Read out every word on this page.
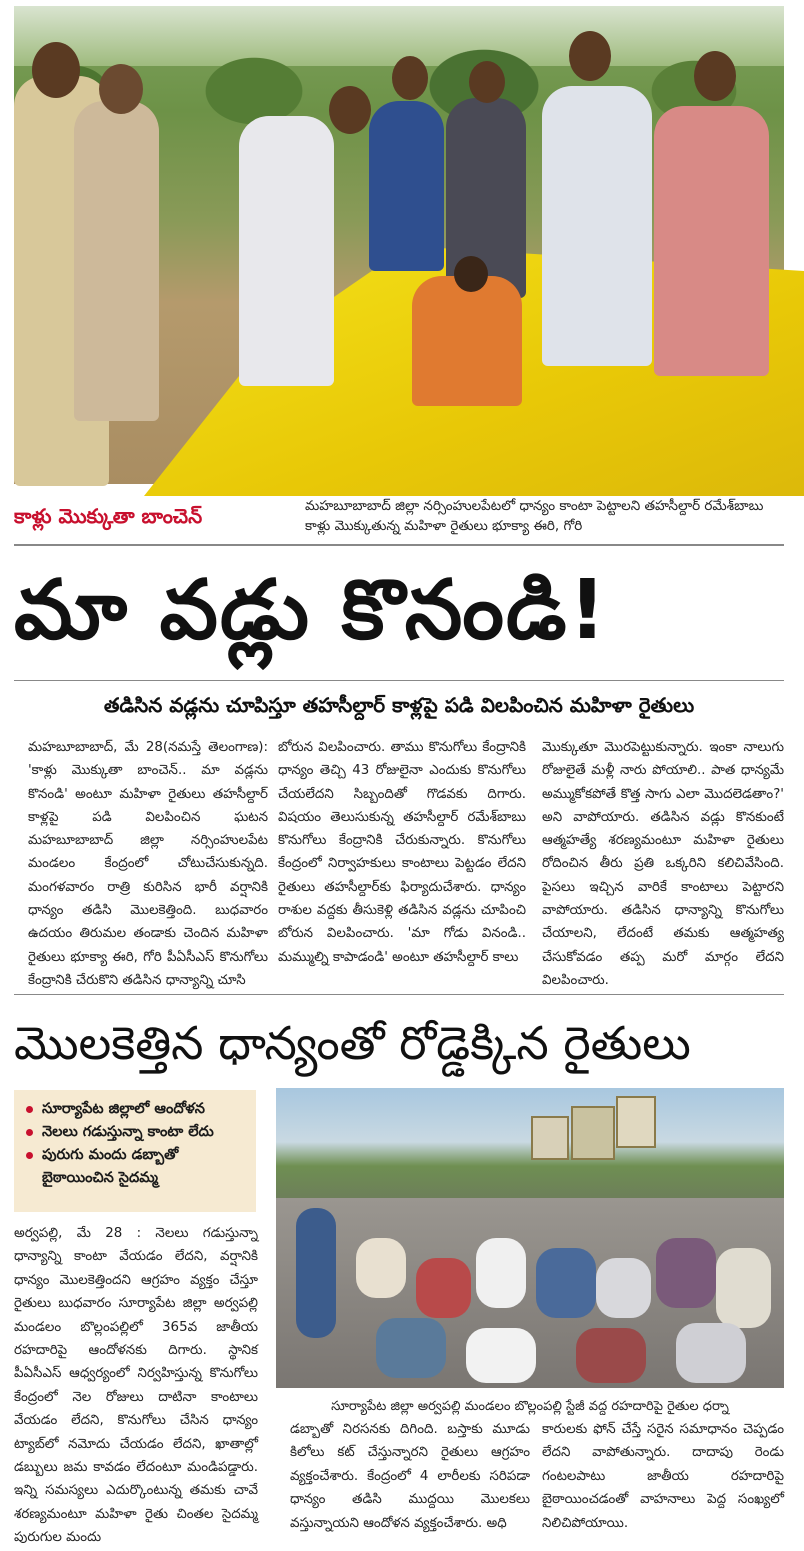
కాళ్లు మొక్కుతా బాంచెన్	మహబూబాబాద్ జిల్లా నర్సింహులపేటలో ధాన్యం కాంటా పెట్టాలని తహసీల్దార్ రమేశ్‌బాబు కాళ్లు మొక్కుతున్న మహిళా రైతులు భూక్యా ఈరి, గోరి
మా వడ్లు కొనండి!
తడిసిన వడ్లను చూపిస్తూ తహసీల్దార్ కాళ్లపై పడి విలపించిన మహిళా రైతులు
మహబూబాబాద్, మే 28(నమస్తే తెలంగాణ): 'కాళ్లు మొక్కుతా బాంచెన్.. మా వడ్లను కొనండి' అంటూ మహిళా రైతులు తహసీల్దార్ కాళ్లపై పడి విలపించిన ఘటన మహబూబాబాద్ జిల్లా నర్సింహులపేట మండలం కేంద్రంలో చోటుచేసుకున్నది. మంగళవారం రాత్రి కురిసిన భారీ వర్షానికి ధాన్యం తడిసి మొలకెత్తింది. బుధవారం ఉదయం తిరుమల తండాకు చెందిన మహిళా రైతులు భూక్యా ఈరి, గోరి పీఏసీఎస్ కొనుగోలు కేంద్రానికి చేరుకొని తడిసిన ధాన్యాన్ని చూసి
బోరున విలపించారు. తాము కొనుగోలు కేంద్రానికి ధాన్యం తెచ్చి 43 రోజులైనా ఎందుకు కొనుగోలు చేయలేదని సిబ్బందితో గొడవకు దిగారు. విషయం తెలుసుకున్న తహసీల్దార్ రమేశ్‌బాబు కొనుగోలు కేంద్రానికి చేరుకున్నారు. కొనుగోలు కేంద్రంలో నిర్వాహకులు కాంటాలు పెట్టడం లేదని రైతులు తహసీల్దార్‌కు ఫిర్యాదుచేశారు. ధాన్యం రాశుల వద్దకు తీసుకెళ్లి తడిసిన వడ్లను చూపించి బోరున విలపించారు. 'మా గోడు వినండి.. మమ్ముల్ని కాపాడండి' అంటూ తహసీల్దార్ కాలు
మొక్కుతూ మొరపెట్టుకున్నారు. ఇంకా నాలుగు రోజులైతే మళ్లీ నారు పోయాలి.. పాత ధాన్యమే అమ్ముకోకపోతే కొత్త సాగు ఎలా మొదలెడతాం?' అని వాపోయారు. తడిసిన వడ్లు కొనకుంటే ఆత్మహత్యే శరణ్యమంటూ మహిళా రైతులు రోదించిన తీరు ప్రతి ఒక్కరిని కలిచివేసింది. పైసలు ఇచ్చిన వారికే కాంటాలు పెట్టారని వాపోయారు. తడిసిన ధాన్యాన్ని కొనుగోలు చేయాలని, లేదంటే తమకు ఆత్మహత్య చేసుకోవడం తప్ప మరో మార్గం లేదని విలపించారు.
మొలకెత్తిన ధాన్యంతో రోడ్డెక్కిన రైతులు
సూర్యాపేట జిల్లాలో ఆందోళన
నెలలు గడుస్తున్నా కాంటా లేదు
పురుగు మందు డబ్బాతో బైఠాయించిన సైదమ్మ
సూర్యాపేట జిల్లా అర్వపల్లి మండలం బొల్లంపల్లి స్టేజీ వద్ద రహదారిపై రైతుల ధర్నా
అర్వపల్లి, మే 28 : నెలలు గడుస్తున్నా ధాన్యాన్ని కాంటా వేయడం లేదని, వర్షానికి ధాన్యం మొలకెత్తిందని ఆగ్రహం వ్యక్తం చేస్తూ రైతులు బుధవారం సూర్యాపేట జిల్లా అర్వపల్లి మండలం బొల్లంపల్లిలో 365వ జాతీయ రహదారిపై ఆందోళనకు దిగారు. స్థానిక పీఏసీఎస్ ఆధ్వర్యంలో నిర్వహిస్తున్న కొనుగోలు కేంద్రంలో నెల రోజులు దాటినా కాంటాలు వేయడం లేదని, కొనుగోలు చేసిన ధాన్యం ట్యాబ్‌లో నమోదు చేయడం లేదని, ఖాతాల్లో డబ్బులు జమ కావడం లేదంటూ మండిపడ్డారు. ఇన్ని సమస్యలు ఎదుర్కొంటున్న తమకు చావే శరణ్యమంటూ మహిళా రైతు చింతల సైదమ్మ పురుగుల మందు
డబ్బాతో నిరసనకు దిగింది. బస్తాకు మూడు కిలోలు కట్ చేస్తున్నారని రైతులు ఆగ్రహం వ్యక్తంచేశారు. కేంద్రంలో 4 లారీలకు సరిపడా ధాన్యం తడిసి ముద్దయి మొలకలు వస్తున్నాయని ఆందోళన వ్యక్తంచేశారు. అధి
కారులకు ఫోన్ చేస్తే సరైన సమాధానం చెప్పడం లేదని వాపోతున్నారు. దాదాపు రెండు గంటలపాటు జాతీయ రహదారిపై బైఠాయించడంతో వాహనాలు పెద్ద సంఖ్యలో నిలిచిపోయాయి.
